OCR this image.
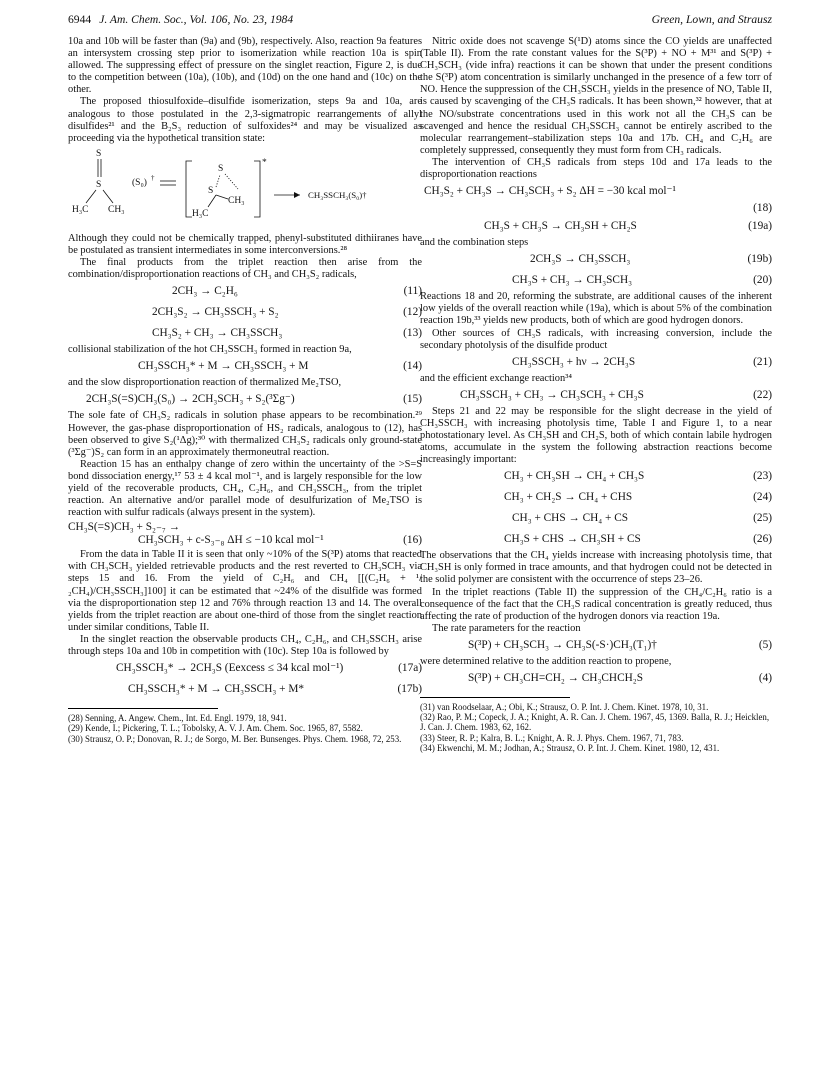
6944 J. Am. Chem. Soc., Vol. 106, No. 23, 1984	Green, Lown, and Strausz

10a and 10b will be faster than (9a) and (9b), respectively. Also, reaction 9a features an intersystem crossing step prior to isomerization while reaction 10a is spin allowed. The suppressing effect of pressure on the singlet reaction, Figure 2, is due to the competition between (10a), (10b), and (10d) on the one hand and (10c) on the other.

The proposed thiosulfoxide–disulfide isomerization, steps 9a and 10a, are analogous to those postulated in the 2,3-sigmatropic rearrangements of allyl disulfides²¹ and the B₂S₃ reduction of sulfoxides²⁴ and may be visualized as proceeding via the hypothetical transition state:

S
S
H₃C CH₃
(S₀) †
S
S
CH₃
H₃C
*
CH₃SSCH₃(S₀)†

Although they could not be chemically trapped, phenyl-substituted dithiiranes have be postulated as transient intermediates in some interconversions.²⁸

The final products from the triplet reaction then arise from the combination/disproportionation reactions of CH₃ and CH₃S₂ radicals,

2CH₃ → C₂H₆	(11)
2CH₃S₂ → CH₃SSCH₃ + S₂	(12)
CH₃S₂ + CH₃ → CH₃SSCH₃	(13)

collisional stabilization of the hot CH₃SSCH₃ formed in reaction 9a,

CH₃SSCH₃* + M → CH₃SSCH₃ + M	(14)

and the slow disproportionation reaction of thermalized Me₂TSO,

2CH₃S(=S)CH₃(S₀) → 2CH₃SCH₃ + S₂(³Σg⁻)	(15)

The sole fate of CH₃S₂ radicals in solution phase appears to be recombination.²⁹ However, the gas-phase disproportionation of HS₂ radicals, analogous to (12), has been observed to give S₂(¹Δg);³⁰ with thermalized CH₃S₂ radicals only ground-state (³Σg⁻)S₂ can form in an approximately thermoneutral reaction.

Reaction 15 has an enthalpy change of zero within the uncertainty of the >S=S bond dissociation energy,¹⁷ 53 ± 4 kcal mol⁻¹, and is largely responsible for the low yield of the recoverable products, CH₄, C₂H₆, and CH₃SSCH₃, from the triplet reaction. An alternative and/or parallel mode of desulfurization of Me₂TSO is reaction with sulfur radicals (always present in the system).

CH₃S(=S)CH₃ + S₂₋₇ →
CH₃SCH₃ + c-S₃₋₈ ΔH ≤ −10 kcal mol⁻¹	(16)

From the data in Table II it is seen that only ~10% of the S(³P) atoms that reacted with CH₃SCH₃ yielded retrievable products and the rest reverted to CH₃SCH₃ via steps 15 and 16. From the yield of C₂H₆ and CH₄ [[(C₂H₆ + ¹/₂CH₄)/CH₃SSCH₃]100] it can be estimated that ~24% of the disulfide was formed via the disproportionation step 12 and 76% through reaction 13 and 14. The overall yields from the triplet reaction are about one-third of those from the singlet reaction under similar conditions, Table II.

In the singlet reaction the observable products CH₄, C₂H₆, and CH₃SSCH₃ arise through steps 10a and 10b in competition with (10c). Step 10a is followed by

CH₃SSCH₃* → 2CH₃S (Eexcess ≤ 34 kcal mol⁻¹)	(17a)
CH₃SSCH₃* + M → CH₃SSCH₃ + M*	(17b)
(28) Senning, A. Angew. Chem., Int. Ed. Engl. 1979, 18, 941.
(29) Kende, I.; Pickering, T. L.; Tobolsky, A. V. J. Am. Chem. Soc. 1965, 87, 5582.
(30) Strausz, O. P.; Donovan, R. J.; de Sorgo, M. Ber. Bunsenges. Phys. Chem. 1968, 72, 253.

Nitric oxide does not scavenge S(¹D) atoms since the CO yields are unaffected (Table II). From the rate constant values for the S(³P) + NO + M³¹ and S(³P) + CH₃SCH₃ (vide infra) reactions it can be shown that under the present conditions the S(³P) atom concentration is similarly unchanged in the presence of a few torr of NO. Hence the suppression of the CH₃SSCH₃ yields in the presence of NO, Table II, is caused by scavenging of the CH₃S radicals. It has been shown,³² however, that at the NO/substrate concentrations used in this work not all the CH₃S can be scavenged and hence the residual CH₃SSCH₃ cannot be entirely ascribed to the molecular rearrangement–stabilization steps 10a and 17b. CH₄ and C₂H₆ are completely suppressed, consequently they must form from CH₃ radicals.

The intervention of CH₃S radicals from steps 10d and 17a leads to the disproportionation reactions

CH₃S₂ + CH₃S → CH₃SCH₃ + S₂ ΔH = −30 kcal mol⁻¹
(18)
CH₃S + CH₃S → CH₃SH + CH₂S	(19a)

and the combination steps

2CH₃S → CH₃SSCH₃	(19b)
CH₃S + CH₃ → CH₃SCH₃	(20)

Reactions 18 and 20, reforming the substrate, are additional causes of the inherent low yields of the overall reaction while (19a), which is about 5% of the combination reaction 19b,³³ yields new products, both of which are good hydrogen donors.

Other sources of CH₃S radicals, with increasing conversion, include the secondary photolysis of the disulfide product

CH₃SSCH₃ + hν → 2CH₃S	(21)

and the efficient exchange reaction³⁴

CH₃SSCH₃ + CH₃ → CH₃SCH₃ + CH₃S	(22)

Steps 21 and 22 may be responsible for the slight decrease in the yield of CH₃SSCH₃ with increasing photolysis time, Table I and Figure 1, to a near photostationary level. As CH₃SH and CH₂S, both of which contain labile hydrogen atoms, accumulate in the system the following abstraction reactions become increasingly important:

CH₃ + CH₃SH → CH₄ + CH₃S	(23)
CH₃ + CH₂S → CH₄ + CHS	(24)
CH₃ + CHS → CH₄ + CS	(25)
CH₃S + CHS → CH₃SH + CS	(26)

The observations that the CH₄ yields increase with increasing photolysis time, that CH₃SH is only formed in trace amounts, and that hydrogen could not be detected in the solid polymer are consistent with the occurrence of steps 23–26.

In the triplet reactions (Table II) the suppression of the CH₄/C₂H₆ ratio is a consequence of the fact that the CH₃S radical concentration is greatly reduced, thus affecting the rate of production of the hydrogen donors via reaction 19a.

The rate parameters for the reaction

S(³P) + CH₃SCH₃ → CH₃S(-S·)CH₃(T₁)†	(5)

were determined relative to the addition reaction to propene,

S(³P) + CH₃CH=CH₂ → CH₃CHCH₂S	(4)
(31) van Roodselaar, A.; Obi, K.; Strausz, O. P. Int. J. Chem. Kinet. 1978, 10, 31.
(32) Rao, P. M.; Copeck, J. A.; Knight, A. R. Can. J. Chem. 1967, 45, 1369. Balla, R. J.; Heicklen, J. Can. J. Chem. 1983, 62, 162.
(33) Steer, R. P.; Kalra, B. L.; Knight, A. R. J. Phys. Chem. 1967, 71, 783.
(34) Ekwenchi, M. M.; Jodhan, A.; Strausz, O. P. Int. J. Chem. Kinet. 1980, 12, 431.
